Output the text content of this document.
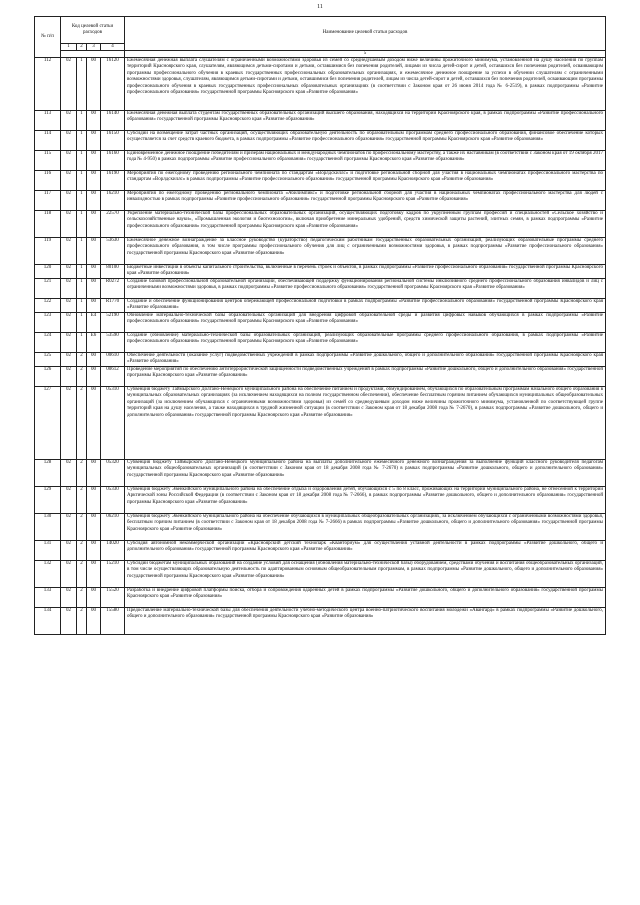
11
№ п/п	Код целевой статьи расходов				Наименование целевой статьи расходов
	1	2	3	4	
					5
112	02	1	00	16120	Ежемесячная денежная выплата слушателям с ограниченными возможностями здоровья из семей со среднедушевым доходом ниже величины прожиточного минимума, установленной на душу населения по группам территорий Красноярского края, слушателям, являющимся детьми-сиротами и детьми, оставшимися без попечения родителей, лицами из числа детей-сирот и детей, оставшихся без попечения родителей, осваивающим программы профессионального обучения в краевых государственных профессиональных образовательных организациях, и ежемесячное денежное поощрение за успехи в обучении слушателям с ограниченными возможностями здоровья, слушателям, являющимся детьми-сиротами и детьми, оставшимися без попечения родителей, лицам из числа детей-сирот и детей, оставшихся без попечения родителей, осваивающим программы профессионального обучения в краевых государственных профессиональных образовательных организациях (в соответствии с Законом края от 26 июня 2014 года № 6-2519), в рамках подпрограммы «Развитие профессионального образования» государственной программы Красноярского края «Развитие образования»
113	02	1	00	16140	Ежемесячная денежная выплата студентам государственных образовательных организаций высшего образования, находящихся на территории Красноярского края, в рамках подпрограммы «Развитие профессионального образования» государственной программы Красноярского края «Развитие образования»
114	02	1	00	16150	Субсидии на возмещение затрат частных организаций, осуществляющих образовательную деятельность по образовательным программам среднего профессионального образования, финансовое обеспечение которых осуществляется за счет средств краевого бюджета, в рамках подпрограммы «Развитие профессионального образования» государственной программы Красноярского края «Развитие образования»
115	02	1	00	16160	Единовременное денежное поощрение победителям и призерам национальных и международных чемпионатов по профессиональному мастерству, а также их наставникам (в соответствии с Законом края от 19 октября 2017 года № 4-950) в рамках подпрограммы «Развитие профессионального образования» государственной программы Красноярского края «Развитие образования»
116	02	1	00	16190	Мероприятия по ежегодному проведению регионального чемпионата по стандартам «Ворлдскиллс» и подготовке региональной сборной для участия в национальных чемпионатах профессионального мастерства по стандартам «Ворлдскиллс» в рамках подпрограммы «Развитие профессионального образования» государственной программы Красноярского края «Развитие образования»
117	02	1	00	16210	Мероприятия по ежегодному проведению регионального чемпионата «Абилимпикс» и подготовке региональной сборной для участия в национальных чемпионатах профессионального мастерства для людей с инвалидностью в рамках подпрограммы «Развитие профессионального образования» государственной программы Красноярского края «Развитие образования»
118	02	1	00	22570	Укрепление материально-технической базы профессиональных образовательных организаций, осуществляющих подготовку кадров по укрупненным группам профессий и специальностей «Сельское хозяйство и сельскохозяйственные науки», «Промышленная экология и биотехнологии», включая приобретение минеральных удобрений, средств химической защиты растений, элитных семян, в рамках подпрограммы «Развитие профессионального образования» государственной программы Красноярского края «Развитие образования»
119	02	1	00	53630	Ежемесячное денежное вознаграждение за классное руководство (кураторство) педагогическим работникам государственных образовательных организаций, реализующих образовательные программы среднего профессионального образования, в том числе программы профессионального обучения для лиц с ограниченными возможностями здоровья, в рамках подпрограммы «Развитие профессионального образования» государственной программы Красноярского края «Развитие образования»
120	02	1	00	80100	Бюджетные инвестиции в объекты капитального строительства, включенные в перечень строек и объектов, в рамках подпрограммы «Развитие профессионального образования» государственной программы Красноярского края «Развитие образования»
121	02	1	00	R0272	Создание базовой профессиональной образовательной организации, обеспечивающей поддержку функционирования региональной системы инклюзивного среднего профессионального образования инвалидов и лиц с ограниченными возможностями здоровья, в рамках подпрограммы «Развитие профессионального образования» государственной программы Красноярского края «Развитие образования»
122	02	1	00	R1770	Создание и обеспечение функционирования центров опережающей профессиональной подготовки в рамках подпрограммы «Развитие профессионального образования» государственной программы Красноярского края «Развитие образования»
123	02	1	E4	52190	Обновление материально-технической базы образовательных организаций для внедрения цифровой образовательной среды и развития цифровых навыков обучающихся в рамках подпрограммы «Развитие профессионального образования» государственной программы Красноярского края «Развитие образования»
124	02	1	E6	53590	Создание (обновление) материально-технической базы образовательных организаций, реализующих образовательные программы среднего профессионального образования, в рамках подпрограммы «Развитие профессионального образования» государственной программы Красноярского края «Развитие образования»
125	02	2	00	00610	Обеспечение деятельности (оказание услуг) подведомственных учреждений в рамках подпрограммы «Развитие дошкольного, общего и дополнительного образования» государственной программы Красноярского края «Развитие образования»
126	02	2	00	00612	Проведение мероприятий по обеспечению антитеррористической защищенности подведомственных учреждений в рамках подпрограммы «Развитие дошкольного, общего и дополнительного образования» государственной программы Красноярского края «Развитие образования»
127	02	2	00	05310	Субвенция бюджету Таймырского Долгано-Ненецкого муниципального района на обеспечение питанием и продуктами, обмундированием, обучающихся по образовательным программам начального общего образования в муниципальных образовательных организациях (за исключением находящихся на полном государственном обеспечении), обеспечение бесплатным горячим питанием обучающихся муниципальных общеобразовательных организаций (за исключением обучающихся с ограниченными возможностями здоровья) из семей со среднедушевым доходом ниже величины прожиточного минимума, установленной по соответствующей группе территорий края на душу населения, а также находящихся в трудной жизненной ситуации (в соответствии с Законом края от 18 декабря 2008 года № 7-2670), в рамках подпрограммы «Развитие дошкольного, общего и дополнительного образования» государственной программы Красноярского края «Развитие образования»
128	02	2	00	05320	Субвенция бюджету Таймырского Долгано-Ненецкого муниципального района на выплаты дополнительного ежемесячного денежного вознаграждения за выполнение функций классного руководителя педагогам муниципальных общеобразовательных организаций (в соответствии с Законом края от 18 декабря 2008 года № 7-2670) в рамках подпрограммы «Развитие дошкольного, общего и дополнительного образования» государственной программы Красноярского края «Развитие образования»
129	02	2	00	05330	Субвенция бюджету Эвенкийского муниципального района на обеспечение отдыха и оздоровления детей, обучающихся с 5 по 8 класс, проживающих на территории муниципального района, не отнесенной к территории Арктической зоны Российской Федерации (в соответствии с Законом края от 18 декабря 2008 года № 7-2666), в рамках подпрограммы «Развитие дошкольного, общего и дополнительного образования» государственной программы Красноярского края «Развитие образования»
130	02	2	00	06210	Субвенция бюджету Эвенкийского муниципального района на обеспечение обучающихся в муниципальных общеобразовательных организациях, за исключением обучающихся с ограниченными возможностями здоровья, бесплатным горячим питанием (в соответствии с Законом края от 18 декабря 2008 года № 7-2666) в рамках подпрограммы «Развитие дошкольного, общего и дополнительного образования» государственной программы Красноярского края «Развитие образования»
131	02	2	00	14020	Субсидия автономной некоммерческой организации «Красноярский детский технопарк «Кванториум» для осуществления уставной деятельности в рамках подпрограммы «Развитие дошкольного, общего и дополнительного образования» государственной программы Красноярского края «Развитие образования»
132	02	2	00	15210	Субсидии бюджетам муниципальных образований на создание условий для оснащения (обновления материально-технической базы) оборудованием, средствами обучения и воспитания общеобразовательных организаций, в том числе осуществляющих образовательную деятельность по адаптированным основным общеобразовательным программам, в рамках подпрограммы «Развитие дошкольного, общего и дополнительного образования» государственной программы Красноярского края «Развитие образования»
133	02	2	00	15520	Разработка и внедрение цифровой платформы поиска, отбора и сопровождения одаренных детей в рамках подпрограммы «Развитие дошкольного, общего и дополнительного образования» государственной программы Красноярского края «Развитие образования»
134	02	2	00	15580	Предоставление материально-технической базы для обеспечения деятельности учебно-методического центра военно-патриотического воспитания молодежи «Авангард» в рамках подпрограммы «Развитие дошкольного, общего и дополнительного образования» государственной программы Красноярского края «Развитие образования»
